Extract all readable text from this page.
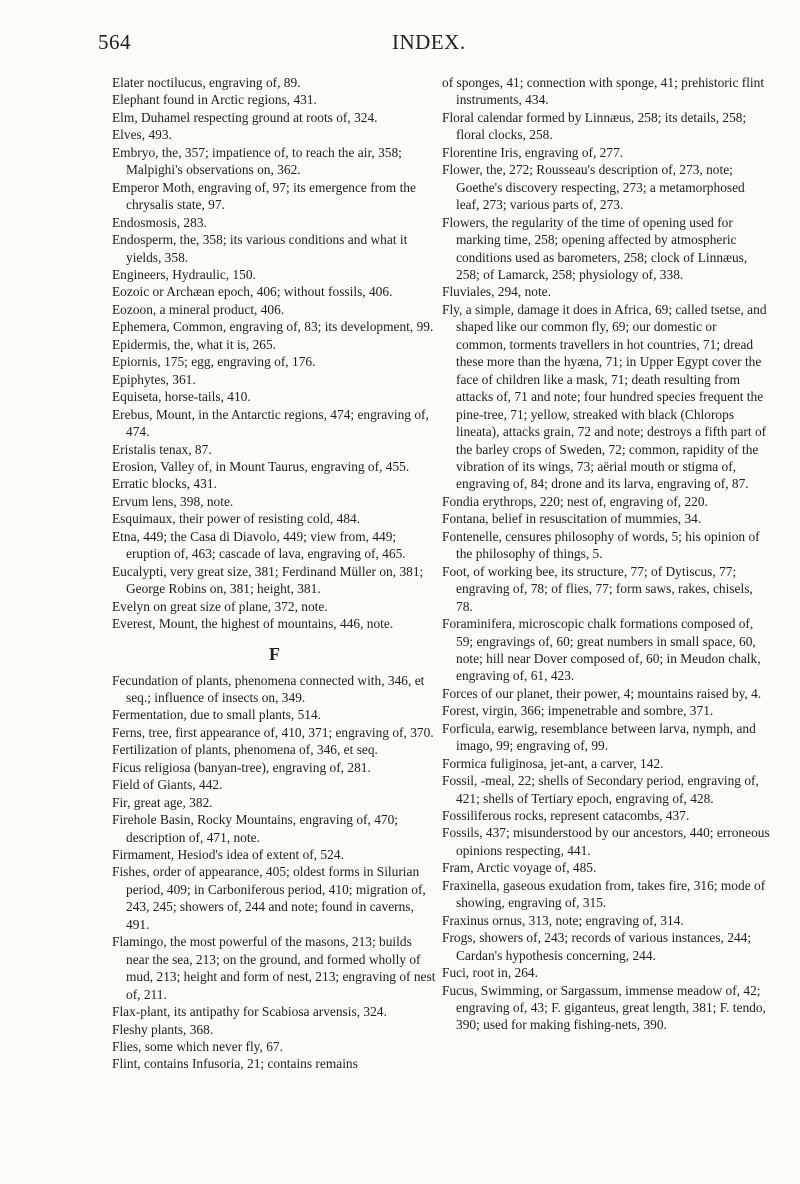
564	INDEX.

Elater noctilucus, engraving of, 89.

Elephant found in Arctic regions, 431.

Elm, Duhamel respecting ground at roots of, 324.

Elves, 493.

Embryo, the, 357; impatience of, to reach the air, 358; Malpighi's observations on, 362.

Emperor Moth, engraving of, 97; its emergence from the chrysalis state, 97.

Endosmosis, 283.

Endosperm, the, 358; its various conditions and what it yields, 358.

Engineers, Hydraulic, 150.

Eozoic or Archæan epoch, 406; without fossils, 406.

Eozoon, a mineral product, 406.

Ephemera, Common, engraving of, 83; its development, 99.

Epidermis, the, what it is, 265.

Epiornis, 175; egg, engraving of, 176.

Epiphytes, 361.

Equiseta, horse-tails, 410.

Erebus, Mount, in the Antarctic regions, 474; engraving of, 474.

Eristalis tenax, 87.

Erosion, Valley of, in Mount Taurus, engraving of, 455.

Erratic blocks, 431.

Ervum lens, 398, note.

Esquimaux, their power of resisting cold, 484.

Etna, 449; the Casa di Diavolo, 449; view from, 449; eruption of, 463; cascade of lava, engraving of, 465.

Eucalypti, very great size, 381; Ferdinand Müller on, 381; George Robins on, 381; height, 381.

Evelyn on great size of plane, 372, note.

Everest, Mount, the highest of mountains, 446, note.

F

Fecundation of plants, phenomena connected with, 346, et seq.; influence of insects on, 349.

Fermentation, due to small plants, 514.

Ferns, tree, first appearance of, 410, 371; engraving of, 370.

Fertilization of plants, phenomena of, 346, et seq.

Ficus religiosa (banyan-tree), engraving of, 281.

Field of Giants, 442.

Fir, great age, 382.

Firehole Basin, Rocky Mountains, engraving of, 470; description of, 471, note.

Firmament, Hesiod's idea of extent of, 524.

Fishes, order of appearance, 405; oldest forms in Silurian period, 409; in Carboniferous period, 410; migration of, 243, 245; showers of, 244 and note; found in caverns, 491.

Flamingo, the most powerful of the masons, 213; builds near the sea, 213; on the ground, and formed wholly of mud, 213; height and form of nest, 213; engraving of nest of, 211.

Flax-plant, its antipathy for Scabiosa arvensis, 324.

Fleshy plants, 368.

Flies, some which never fly, 67.

Flint, contains Infusoria, 21; contains remains

of sponges, 41; connection with sponge, 41; prehistoric flint instruments, 434.

Floral calendar formed by Linnæus, 258; its details, 258; floral clocks, 258.

Florentine Iris, engraving of, 277.

Flower, the, 272; Rousseau's description of, 273, note; Goethe's discovery respecting, 273; a metamorphosed leaf, 273; various parts of, 273.

Flowers, the regularity of the time of opening used for marking time, 258; opening affected by atmospheric conditions used as barometers, 258; clock of Linnæus, 258; of Lamarck, 258; physiology of, 338.

Fluviales, 294, note.

Fly, a simple, damage it does in Africa, 69; called tsetse, and shaped like our common fly, 69; our domestic or common, torments travellers in hot countries, 71; dread these more than the hyæna, 71; in Upper Egypt cover the face of children like a mask, 71; death resulting from attacks of, 71 and note; four hundred species frequent the pine-tree, 71; yellow, streaked with black (Chlorops lineata), attacks grain, 72 and note; destroys a fifth part of the barley crops of Sweden, 72; common, rapidity of the vibration of its wings, 73; aërial mouth or stigma of, engraving of, 84; drone and its larva, engraving of, 87.

Fondia erythrops, 220; nest of, engraving of, 220.

Fontana, belief in resuscitation of mummies, 34.

Fontenelle, censures philosophy of words, 5; his opinion of the philosophy of things, 5.

Foot, of working bee, its structure, 77; of Dytiscus, 77; engraving of, 78; of flies, 77; form saws, rakes, chisels, 78.

Foraminifera, microscopic chalk formations composed of, 59; engravings of, 60; great numbers in small space, 60, note; hill near Dover composed of, 60; in Meudon chalk, engraving of, 61, 423.

Forces of our planet, their power, 4; mountains raised by, 4.

Forest, virgin, 366; impenetrable and sombre, 371.

Forficula, earwig, resemblance between larva, nymph, and imago, 99; engraving of, 99.

Formica fuliginosa, jet-ant, a carver, 142.

Fossil, -meal, 22; shells of Secondary period, engraving of, 421; shells of Tertiary epoch, engraving of, 428.

Fossiliferous rocks, represent catacombs, 437.

Fossils, 437; misunderstood by our ancestors, 440; erroneous opinions respecting, 441.

Fram, Arctic voyage of, 485.

Fraxinella, gaseous exudation from, takes fire, 316; mode of showing, engraving of, 315.

Fraxinus ornus, 313, note; engraving of, 314.

Frogs, showers of, 243; records of various instances, 244; Cardan's hypothesis concerning, 244.

Fuci, root in, 264.

Fucus, Swimming, or Sargassum, immense meadow of, 42; engraving of, 43; F. giganteus, great length, 381; F. tendo, 390; used for making fishing-nets, 390.
